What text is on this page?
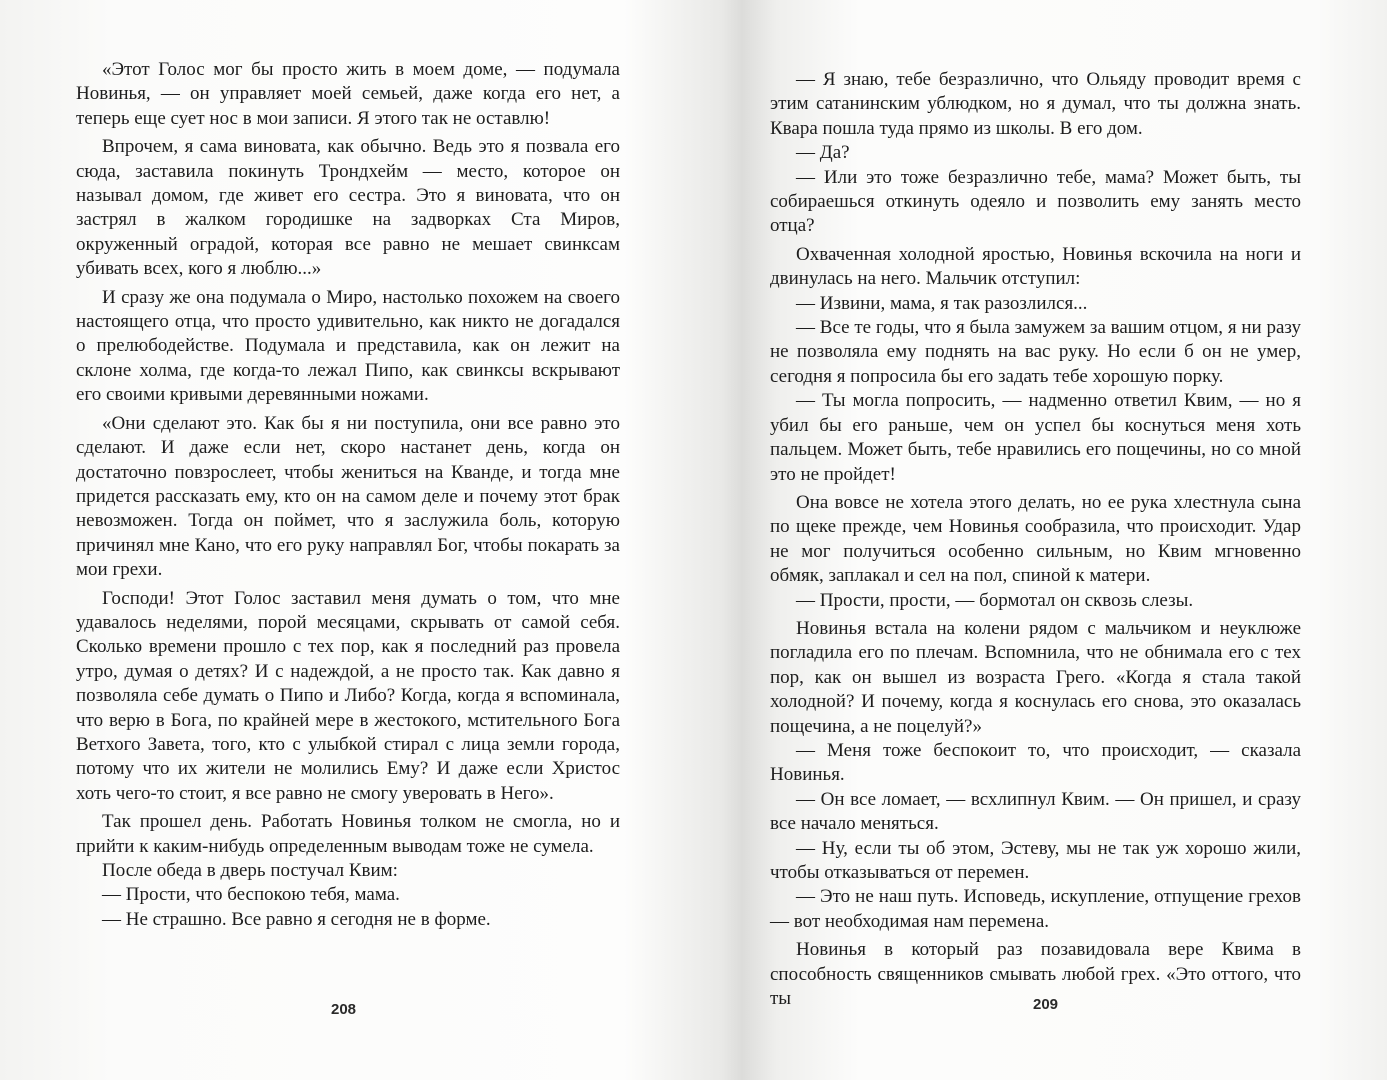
«Этот Голос мог бы просто жить в моем доме, — подумала Новинья, — он управляет моей семьей, даже когда его нет, а теперь еще сует нос в мои записи. Я этого так не оставлю!

Впрочем, я сама виновата, как обычно. Ведь это я позвала его сюда, заставила покинуть Трондхейм — место, которое он называл домом, где живет его сестра. Это я виновата, что он застрял в жалком городишке на задворках Ста Миров, окруженный оградой, которая все равно не мешает свинксам убивать всех, кого я люблю...»

И сразу же она подумала о Миро, настолько похожем на своего настоящего отца, что просто удивительно, как никто не догадался о прелюбодействе. Подумала и представила, как он лежит на склоне холма, где когда-то лежал Пипо, как свинксы вскрывают его своими кривыми деревянными ножами.

«Они сделают это. Как бы я ни поступила, они все равно это сделают. И даже если нет, скоро настанет день, когда он достаточно повзрослеет, чтобы жениться на Кванде, и тогда мне придется рассказать ему, кто он на самом деле и почему этот брак невозможен. Тогда он поймет, что я заслужила боль, которую причинял мне Кано, что его руку направлял Бог, чтобы покарать за мои грехи.

Господи! Этот Голос заставил меня думать о том, что мне удавалось неделями, порой месяцами, скрывать от самой себя. Сколько времени прошло с тех пор, как я последний раз провела утро, думая о детях? И с надеждой, а не просто так. Как давно я позволяла себе думать о Пипо и Либо? Когда, когда я вспоминала, что верю в Бога, по крайней мере в жестокого, мстительного Бога Ветхого Завета, того, кто с улыбкой стирал с лица земли города, потому что их жители не молились Ему? И даже если Христос хоть чего-то стоит, я все равно не смогу уверовать в Него».

Так прошел день. Работать Новинья толком не смогла, но и прийти к каким-нибудь определенным выводам тоже не сумела.

После обеда в дверь постучал Квим:

— Прости, что беспокою тебя, мама.

— Не страшно. Все равно я сегодня не в форме.

— Я знаю, тебе безразлично, что Ольяду проводит время с этим сатанинским ублюдком, но я думал, что ты должна знать. Квара пошла туда прямо из школы. В его дом.

— Да?

— Или это тоже безразлично тебе, мама? Может быть, ты собираешься откинуть одеяло и позволить ему занять место отца?

Охваченная холодной яростью, Новинья вскочила на ноги и двинулась на него. Мальчик отступил:

— Извини, мама, я так разозлился...

— Все те годы, что я была замужем за вашим отцом, я ни разу не позволяла ему поднять на вас руку. Но если б он не умер, сегодня я попросила бы его задать тебе хорошую порку.

— Ты могла попросить, — надменно ответил Квим, — но я убил бы его раньше, чем он успел бы коснуться меня хоть пальцем. Может быть, тебе нравились его пощечины, но со мной это не пройдет!

Она вовсе не хотела этого делать, но ее рука хлестнула сына по щеке прежде, чем Новинья сообразила, что происходит. Удар не мог получиться особенно сильным, но Квим мгновенно обмяк, заплакал и сел на пол, спиной к матери.

— Прости, прости, — бормотал он сквозь слезы.

Новинья встала на колени рядом с мальчиком и неуклюже погладила его по плечам. Вспомнила, что не обнимала его с тех пор, как он вышел из возраста Грего. «Когда я стала такой холодной? И почему, когда я коснулась его снова, это оказалась пощечина, а не поцелуй?»

— Меня тоже беспокоит то, что происходит, — сказала Новинья.

— Он все ломает, — всхлипнул Квим. — Он пришел, и сразу все начало меняться.

— Ну, если ты об этом, Эстеву, мы не так уж хорошо жили, чтобы отказываться от перемен.

— Это не наш путь. Исповедь, искупление, отпущение грехов — вот необходимая нам перемена.

Новинья в который раз позавидовала вере Квима в способность священников смывать любой грех. «Это оттого, что ты

208	209
